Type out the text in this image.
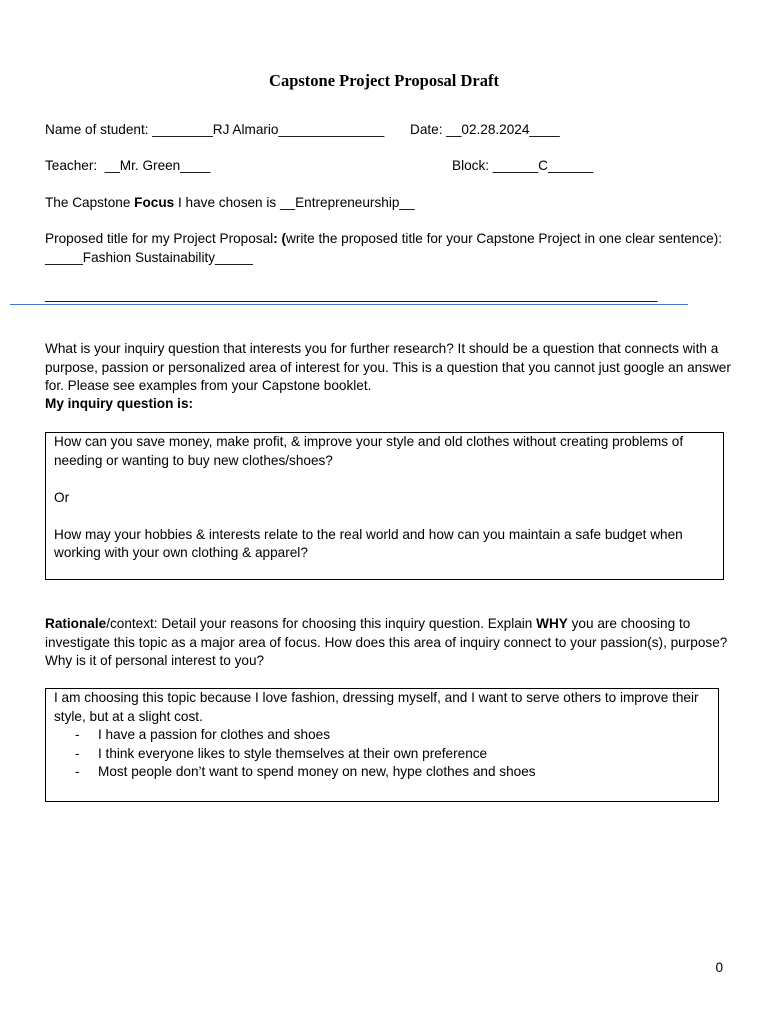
Capstone Project Proposal Draft
Name of student: ________RJ Almario______________ Date: __02.28.2024____
Teacher:  __Mr. Green____	Block: ______C______
The Capstone Focus I have chosen is __Entrepreneurship__
Proposed title for my Project Proposal: (write the proposed title for your Capstone Project in one clear sentence): _____Fashion Sustainability_____
_________________________________________________________________________________
What is your inquiry question that interests you for further research? It should be a question that connects with a purpose, passion or personalized area of interest for you. This is a question that you cannot just google an answer for. Please see examples from your Capstone booklet.
My inquiry question is:

How can you save money, make profit, & improve your style and old clothes without creating problems of needing or wanting to buy new clothes/shoes?

Or

How may your hobbies & interests relate to the real world and how can you maintain a safe budget when working with your own clothing & apparel?

Rationale/context: Detail your reasons for choosing this inquiry question. Explain WHY you are choosing to investigate this topic as a major area of focus. How does this area of inquiry connect to your passion(s), purpose? Why is it of personal interest to you?

I am choosing this topic because I love fashion, dressing myself, and I want to serve others to improve their style, but at a slight cost.

- I have a passion for clothes and shoes
- I think everyone likes to style themselves at their own preference
- Most people don’t want to spend money on new, hype clothes and shoes
0
